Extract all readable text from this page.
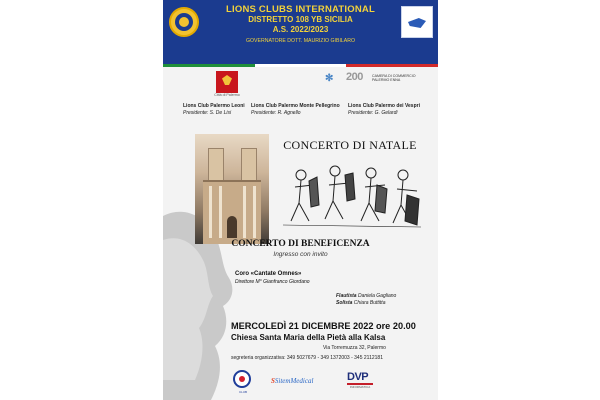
LIONS CLUBS INTERNATIONAL
DISTRETTO 108 YB SICILIA
A.S. 2022/2023
GOVERNATORE DOTT. MAURIZIO GIBILARO
Città di Palermo
✻	200	CAMERA DI COMMERCIO
PALERMO ENNA
Lions Club Palermo Leoni
Presidente: S. De Lisi
Lions Club Palermo Monte Pellegrino
Presidente: R. Agnello
Lions Club Palermo dei Vespri
Presidente: G. Gelardi
CONCERTO DI NATALE
CONCERTO DI BENEFICENZA
Ingresso con invito
Coro «Cantate Omnes»
Direttore M° Gianfranco Giordano
Flautista Daniela Gagliano
Solista Chiara Buttitta
MERCOLEDÌ 21 DICEMBRE 2022 ore 20.00
Chiesa Santa Maria della Pietà alla Kalsa
Via Torremuzza 32, Palermo
segreteria organizzativa: 349 5027679 - 349 1372003 - 345 2112181
CLUB
SSitemMedical	DVP
INFORMATICA
